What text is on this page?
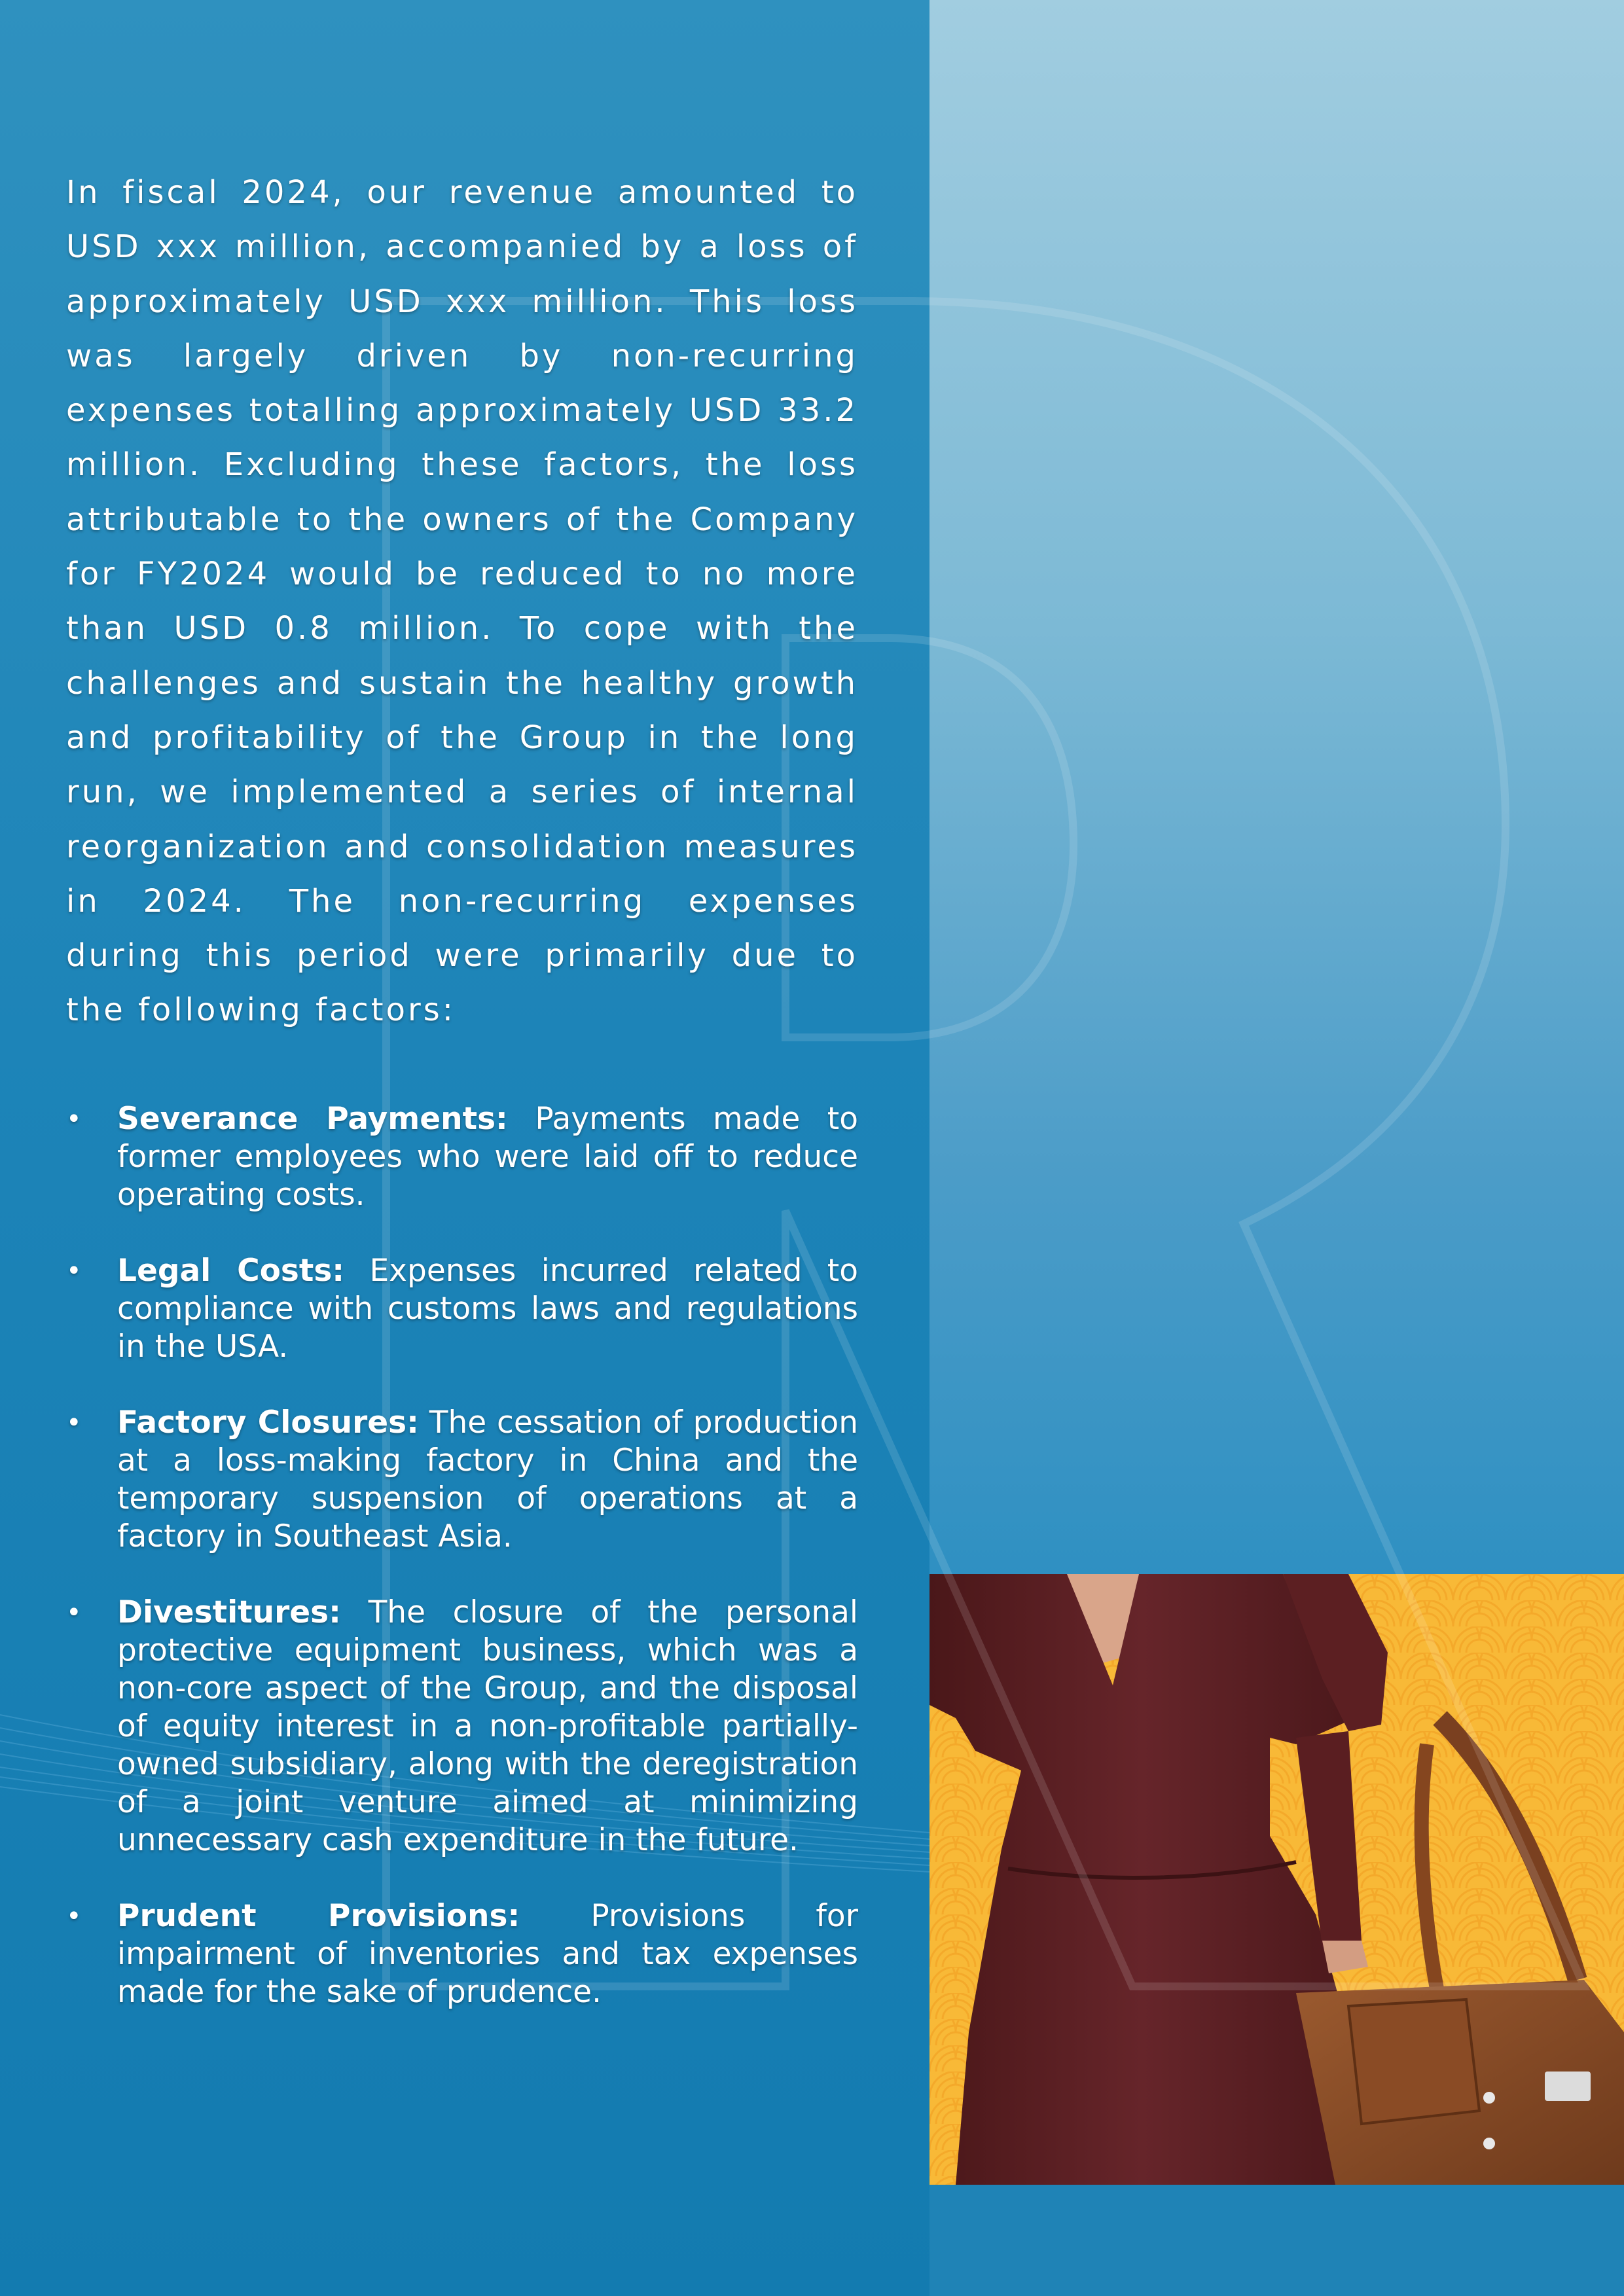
In fiscal 2024, our revenue amounted to USD xxx million, accompanied by a loss of approximately USD xxx million. This loss was largely driven by non-recurring expenses totalling approximately USD 33.2 million. Excluding these factors, the loss attributable to the owners of the Company for FY2024 would be reduced to no more than USD 0.8 million. To cope with the challenges and sustain the healthy growth and profitability of the Group in the long run, we implemented a series of internal reorganization and consolidation measures in 2024. The non-recurring expenses during this period were primarily due to the following factors:

• Severance Payments: Payments made to former employees who were laid off to reduce operating costs.
• Legal Costs: Expenses incurred related to compliance with customs laws and regulations in the USA.
• Factory Closures: The cessation of production at a loss-making factory in China and the temporary suspension of operations at a factory in Southeast Asia.
• Divestitures: The closure of the personal protective equipment business, which was a non-core aspect of the Group, and the disposal of equity interest in a non-profitable partially-owned subsidiary, along with the deregistration of a joint venture aimed at minimizing unnecessary cash expenditure in the future.
• Prudent Provisions: Provisions for impairment of inventories and tax expenses made for the sake of prudence.
